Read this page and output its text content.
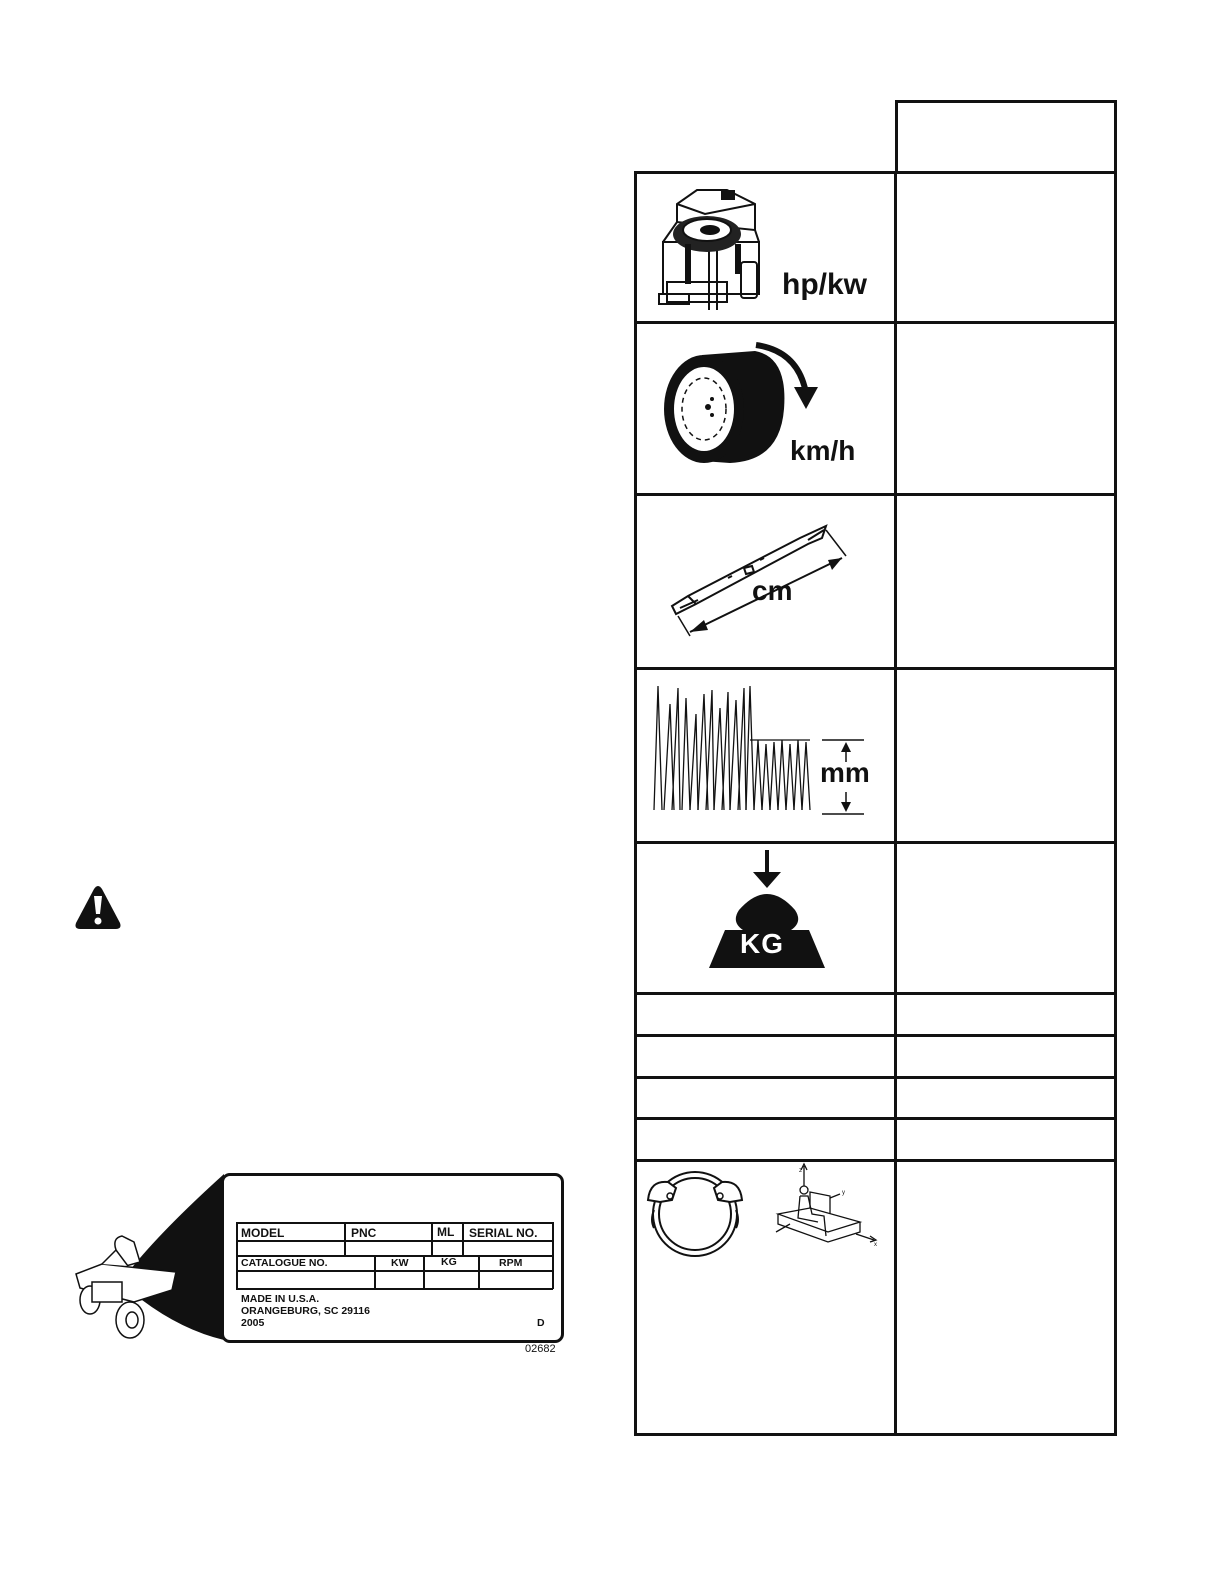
hp/kw
km/h
cm
mm
KG
z
y
x
MODEL	PNC	ML SERIAL NO.
CATALOGUE NO.	KW	KG	RPM
MADE IN U.S.A.
ORANGEBURG, SC 29116
2005	D
02682
